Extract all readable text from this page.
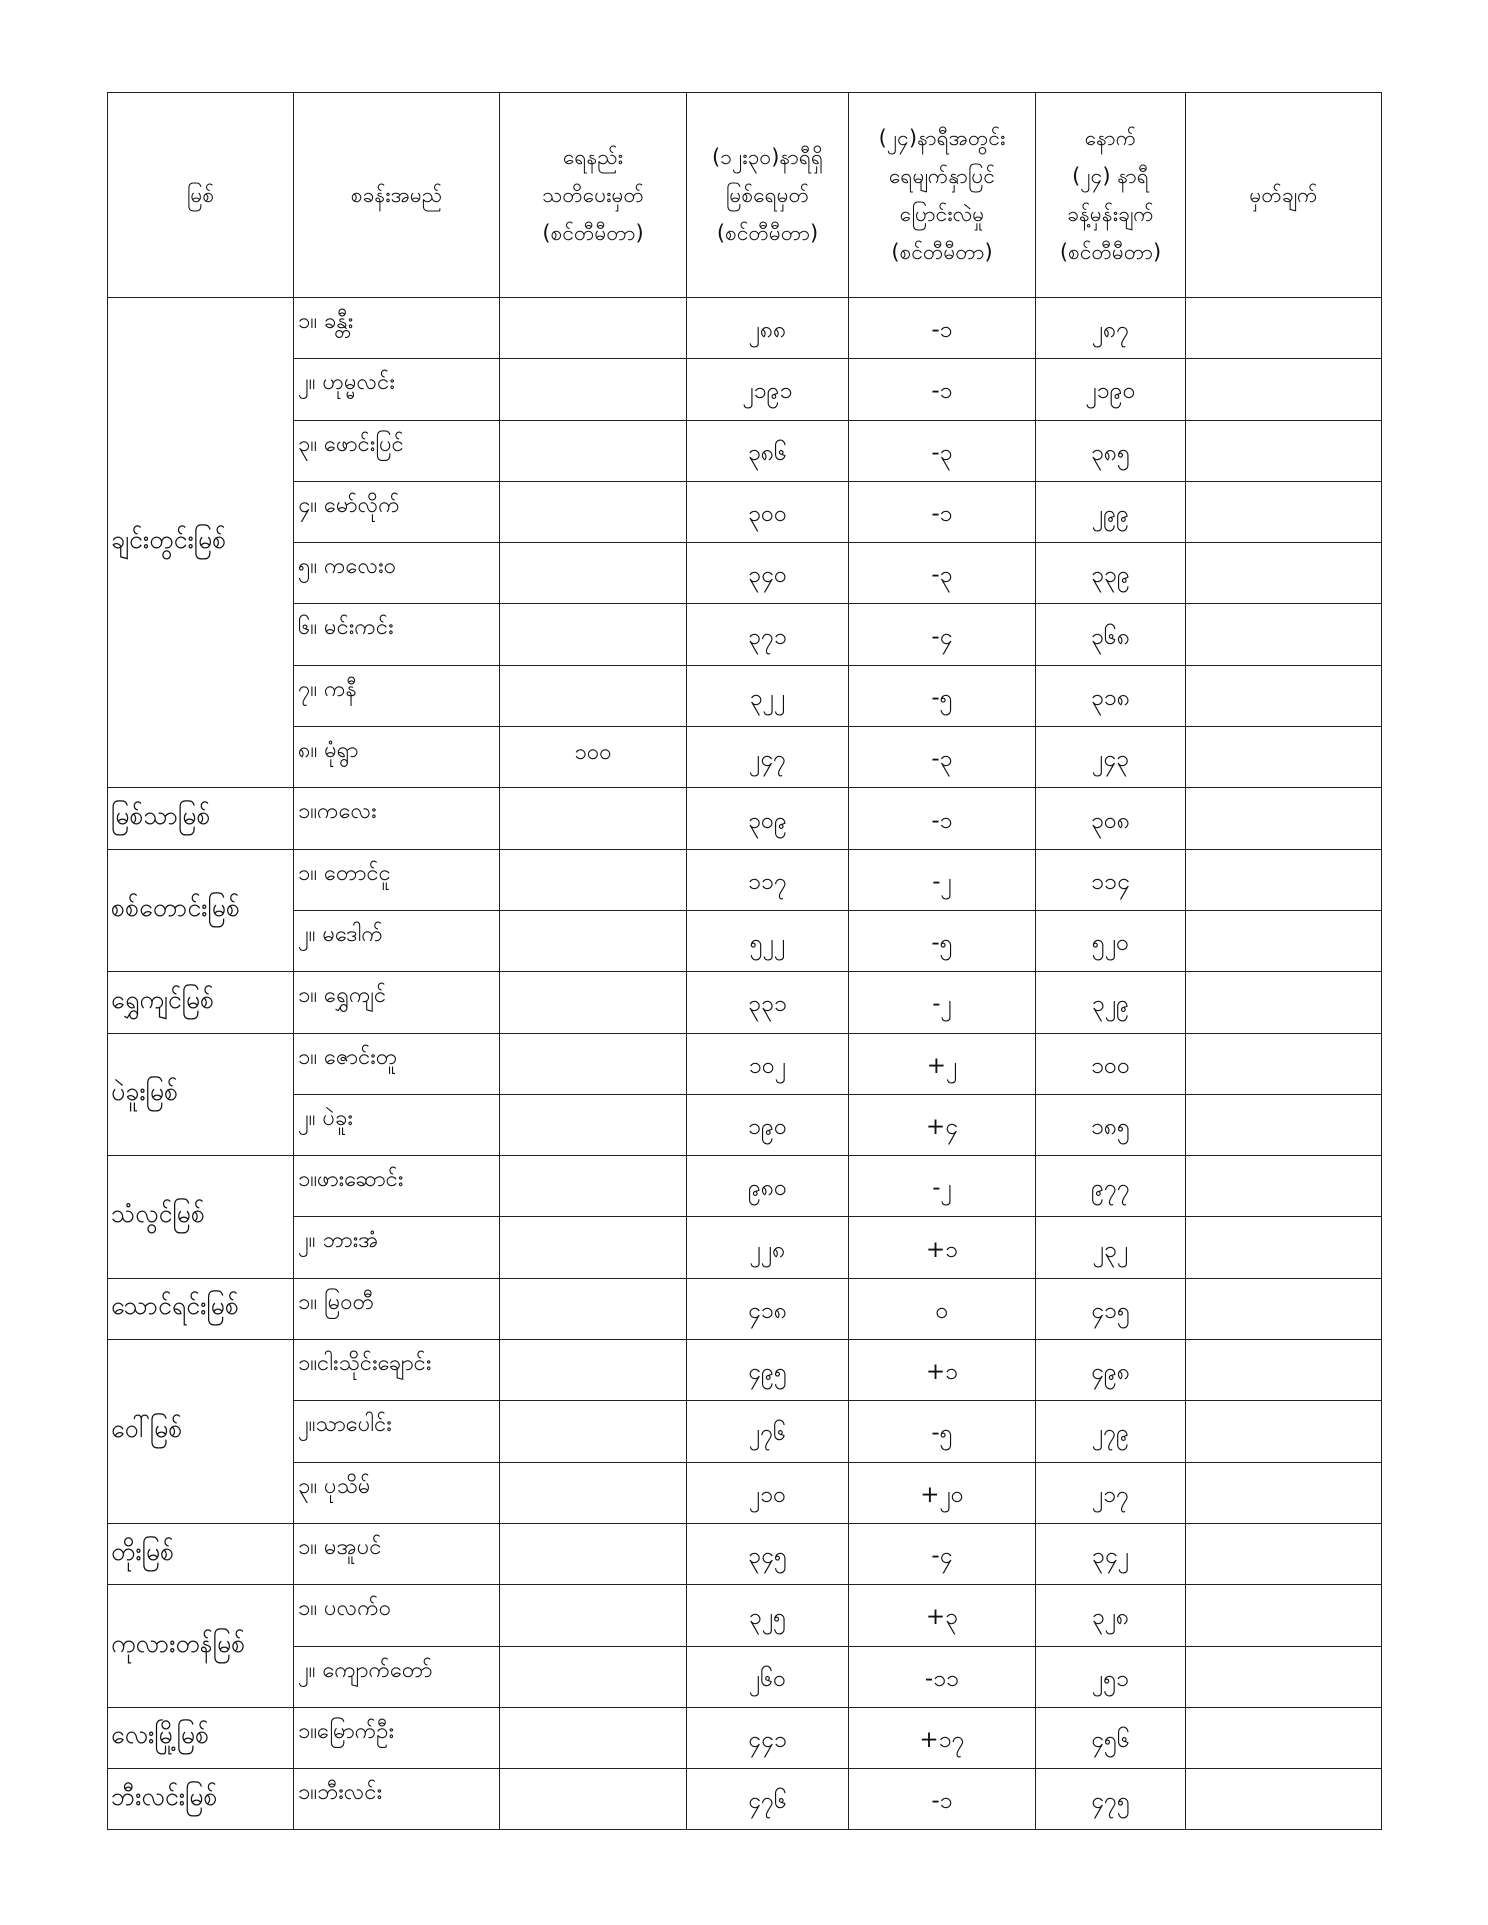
မြစ်	စခန်းအမည်	ရေနည်း
သတိပေးမှတ်
(စင်တီမီတာ)	(၁၂း၃၀)နာရီရှိ
မြစ်ရေမှတ်
(စင်တီမီတာ)	(၂၄)နာရီအတွင်း
ရေမျက်နှာပြင်
ပြောင်းလဲမှု
(စင်တီမီတာ)	နောက်
(၂၄) နာရီ
ခန့်မှန်းချက်
(စင်တီမီတာ)	မှတ်ချက်

ချင်းတွင်းမြစ်	၁။ ခန္တီး		၂၈၈	-၁	၂၈၇	
	၂။ ဟုမ္မလင်း		၂၁၉၁	-၁	၂၁၉၀	
	၃။ ဖောင်းပြင်		၃၈၆	-၃	၃၈၅	
	၄။ မော်လိုက်		၃၀၀	-၁	၂၉၉	
	၅။ ကလေးဝ		၃၄၀	-၃	၃၃၉	
	၆။ မင်းကင်း		၃၇၁	-၄	၃၆၈	
	၇။ ကနီ		၃၂၂	-၅	၃၁၈	
	၈။ မုံရွာ	၁၀၀	၂၄၇	-၃	၂၄၃	
မြစ်သာမြစ်	၁။ကလေး		၃၀၉	-၁	၃၀၈	
စစ်တောင်းမြစ်	၁။ တောင်ငူ		၁၁၇	-၂	၁၁၄	
	၂။ မဒေါက်		၅၂၂	-၅	၅၂၀	
ရွှေကျင်မြစ်	၁။ ရွှေကျင်		၃၃၁	-၂	၃၂၉	
ပဲခူးမြစ်	၁။ ဇောင်းတူ		၁၀၂	+၂	၁၀၀	
	၂။ ပဲခူး		၁၉၀	+၄	၁၈၅	
သံလွင်မြစ်	၁။ဖားဆောင်း		၉၈၀	-၂	၉၇၇	
	၂။ ဘားအံ		၂၂၈	+၁	၂၃၂	
သောင်ရင်းမြစ်	၁။ မြဝတီ		၄၁၈	၀	၄၁၅	
ဝေါ်မြစ်	၁။ငါးသိုင်းချောင်း		၄၉၅	+၁	၄၉၈	
	၂။သာပေါင်း		၂၇၆	-၅	၂၇၉	
	၃။ ပုသိမ်		၂၁၀	+၂၀	၂၁၇	
တိုးမြစ်	၁။ မအူပင်		၃၄၅	-၄	၃၄၂	
ကုလားတန်မြစ်	၁။ ပလက်ဝ		၃၂၅	+၃	၃၂၈	
	၂။ ကျောက်တော်		၂၆၀	-၁၁	၂၅၁	
လေးမြို့မြစ်	၁။မြောက်ဦး		၄၄၁	+၁၇	၄၅၆	
ဘီးလင်းမြစ်	၁။ဘီးလင်း		၄၇၆	-၁	၄၇၅	
